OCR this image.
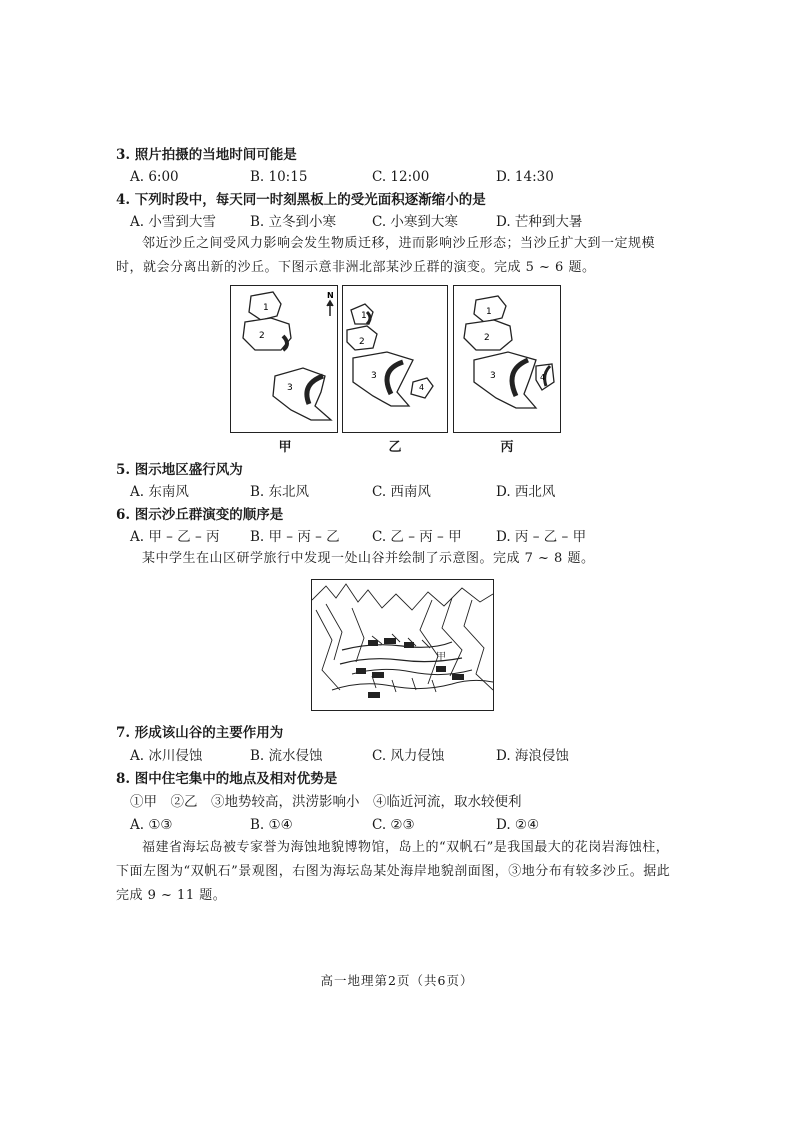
3. 照片拍摄的当地时间可能是
A. 6:00	B. 10:15	C. 12:00	D. 14:30
4. 下列时段中，每天同一时刻黑板上的受光面积逐渐缩小的是
A. 小雪到大雪	B. 立冬到小寒	C. 小寒到大寒	D. 芒种到大暑
邻近沙丘之间受风力影响会发生物质迁移，进而影响沙丘形态；当沙丘扩大到一定规模时，就会分离出新的沙丘。下图示意非洲北部某沙丘群的演变。完成 5 ~ 6 题。
1
2
3
N
1
2
3
4
1
2
3	4
甲	乙	丙
5. 图示地区盛行风为
A. 东南风	B. 东北风	C. 西南风	D. 西北风
6. 图示沙丘群演变的顺序是
A. 甲 – 乙 – 丙 B. 甲 – 丙 – 乙 C. 乙 – 丙 – 甲	D. 丙 – 乙 – 甲
某中学生在山区研学旅行中发现一处山谷并绘制了示意图。完成 7 ~ 8 题。
甲
7. 形成该山谷的主要作用为
A. 冰川侵蚀	B. 流水侵蚀	C. 风力侵蚀	D. 海浪侵蚀
8. 图中住宅集中的地点及相对优势是
①甲　②乙　③地势较高，洪涝影响小　④临近河流，取水较便利
A. ①③	B. ①④	C. ②③	D. ②④
福建省海坛岛被专家誉为海蚀地貌博物馆，岛上的“双帆石”是我国最大的花岗岩海蚀柱，下面左图为“双帆石”景观图，右图为海坛岛某处海岸地貌剖面图，③地分布有较多沙丘。据此完成 9 ~ 11 题。
高一地理第2页（共6页）
